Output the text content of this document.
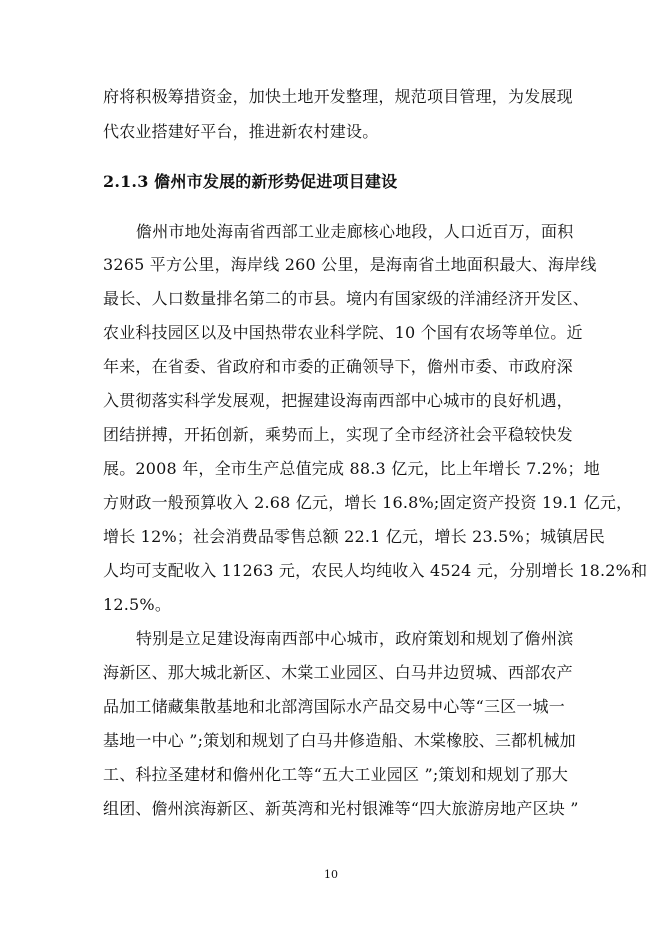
府将积极筹措资金，加快土地开发整理，规范项目管理，为发展现
代农业搭建好平台，推进新农村建设。
2.1.3 儋州市发展的新形势促进项目建设
儋州市地处海南省西部工业走廊核心地段，人口近百万，面积
3265 平方公里，海岸线 260 公里，是海南省土地面积最大、海岸线
最长、人口数量排名第二的市县。境内有国家级的洋浦经济开发区、
农业科技园区以及中国热带农业科学院、10 个国有农场等单位。近
年来，在省委、省政府和市委的正确领导下，儋州市委、市政府深
入贯彻落实科学发展观，把握建设海南西部中心城市的良好机遇，
团结拼搏，开拓创新，乘势而上，实现了全市经济社会平稳较快发
展。2008 年，全市生产总值完成 88.3 亿元，比上年增长 7.2%；地
方财政一般预算收入 2.68 亿元，增长 16.8%;固定资产投资 19.1 亿元，
增长 12%；社会消费品零售总额 22.1 亿元，增长 23.5%；城镇居民
人均可支配收入 11263 元，农民人均纯收入 4524 元，分别增长 18.2%和
12.5%。
特别是立足建设海南西部中心城市，政府策划和规划了儋州滨
海新区、那大城北新区、木棠工业园区、白马井边贸城、西部农产
品加工储藏集散基地和北部湾国际水产品交易中心等“三区一城一
基地一中心 ”;策划和规划了白马井修造船、木棠橡胶、三都机械加
工、科拉圣建材和儋州化工等“五大工业园区 ”;策划和规划了那大
组团、儋州滨海新区、新英湾和光村银滩等“四大旅游房地产区块 ”
10
